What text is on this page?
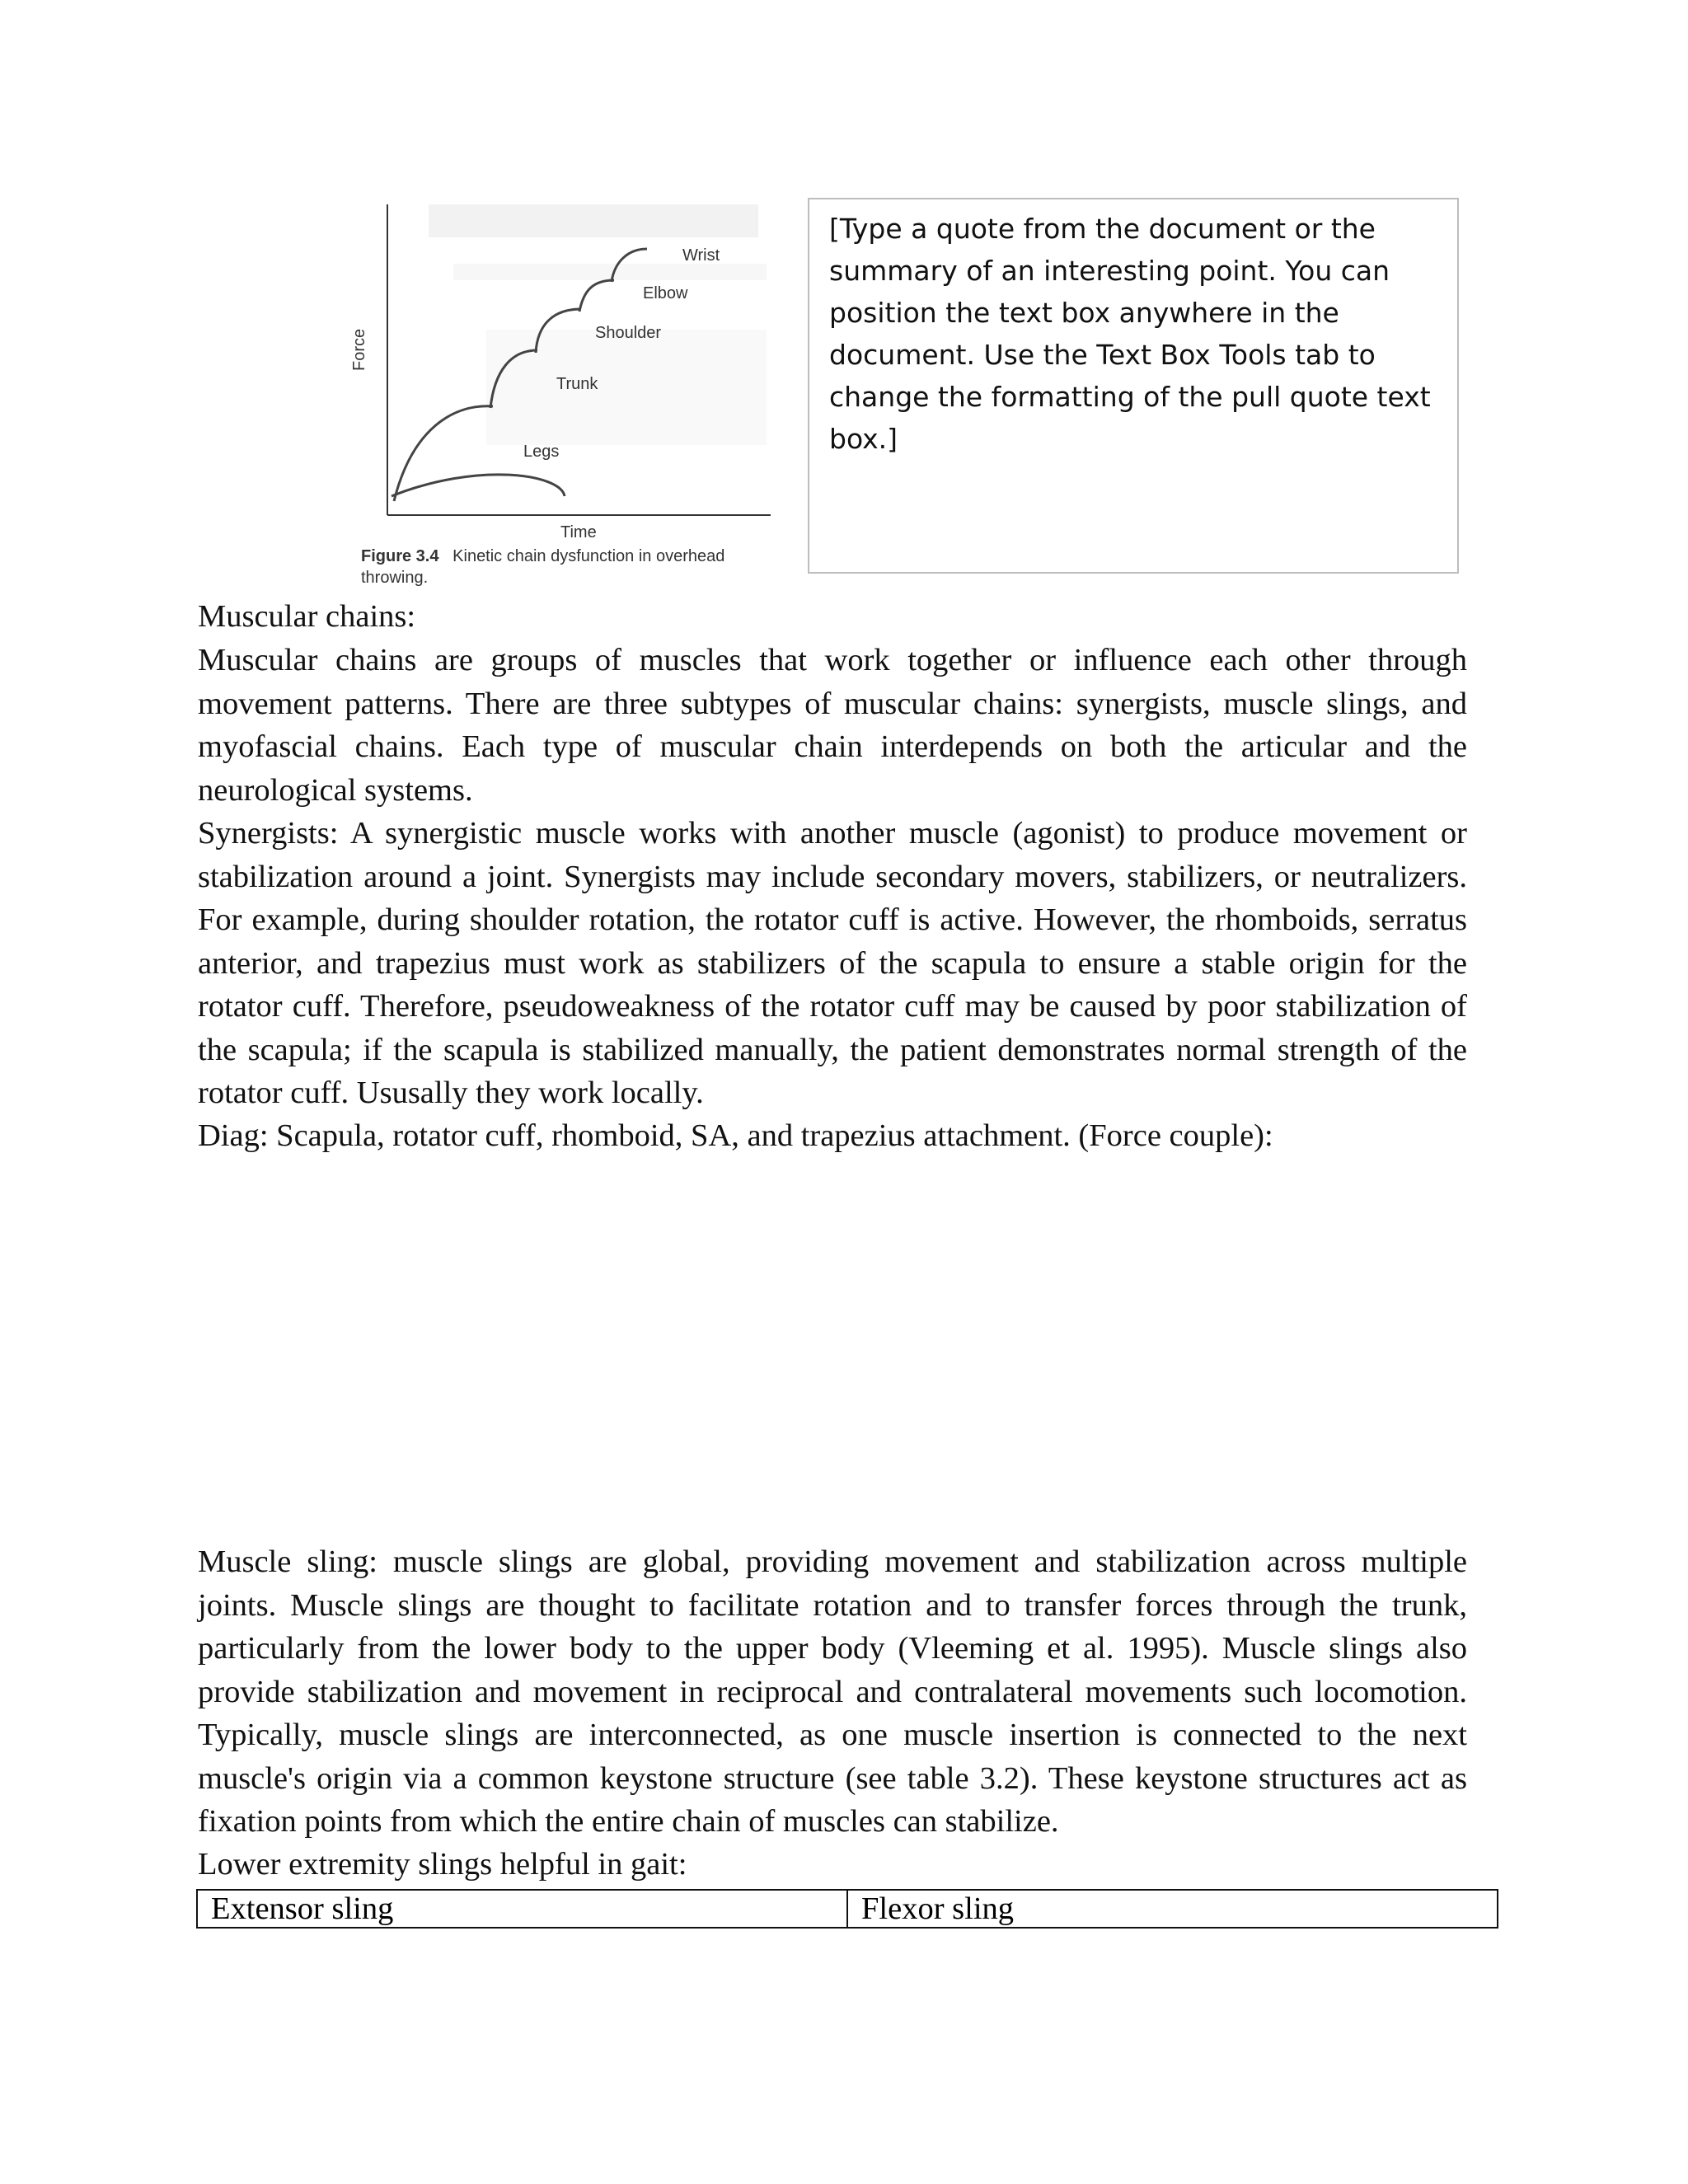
Force
Time
Legs
Trunk
Shoulder
Elbow
Wrist
Figure 3.4 Kinetic chain dysfunction in overhead throwing.

[Type a quote from the document or the summary of an interesting point. You can position the text box anywhere in the document. Use the Text Box Tools tab to change the formatting of the pull quote text box.]

Muscular chains:

Muscular chains are groups of muscles that work together or influence each other through movement patterns. There are three subtypes of muscular chains: synergists, muscle slings, and myofascial chains. Each type of muscular chain interdepends on both the articular and the neurological systems.

Synergists: A synergistic muscle works with another muscle (agonist) to produce movement or stabilization around a joint. Synergists may include secondary movers, stabilizers, or neutralizers. For example, during shoulder rotation, the rotator cuff is active. However, the rhomboids, serratus anterior, and trapezius must work as stabilizers of the scapula to ensure a stable origin for the rotator cuff. Therefore, pseudoweakness of the rotator cuff may be caused by poor stabilization of the scapula; if the scapula is stabilized manually, the patient demonstrates normal strength of the rotator cuff. Ususally they work locally.

Diag: Scapula, rotator cuff, rhomboid, SA, and trapezius attachment. (Force couple):

Muscle sling: muscle slings are global, providing movement and stabilization across multiple joints. Muscle slings are thought to facilitate rotation and to transfer forces through the trunk, particularly from the lower body to the upper body (Vleeming et al. 1995). Muscle slings also provide stabilization and movement in reciprocal and contralateral movements such locomotion. Typically, muscle slings are interconnected, as one muscle insertion is connected to the next muscle's origin via a common keystone structure (see table 3.2). These keystone structures act as fixation points from which the entire chain of muscles can stabilize.

Lower extremity slings helpful in gait:

Extensor sling	Flexor sling
